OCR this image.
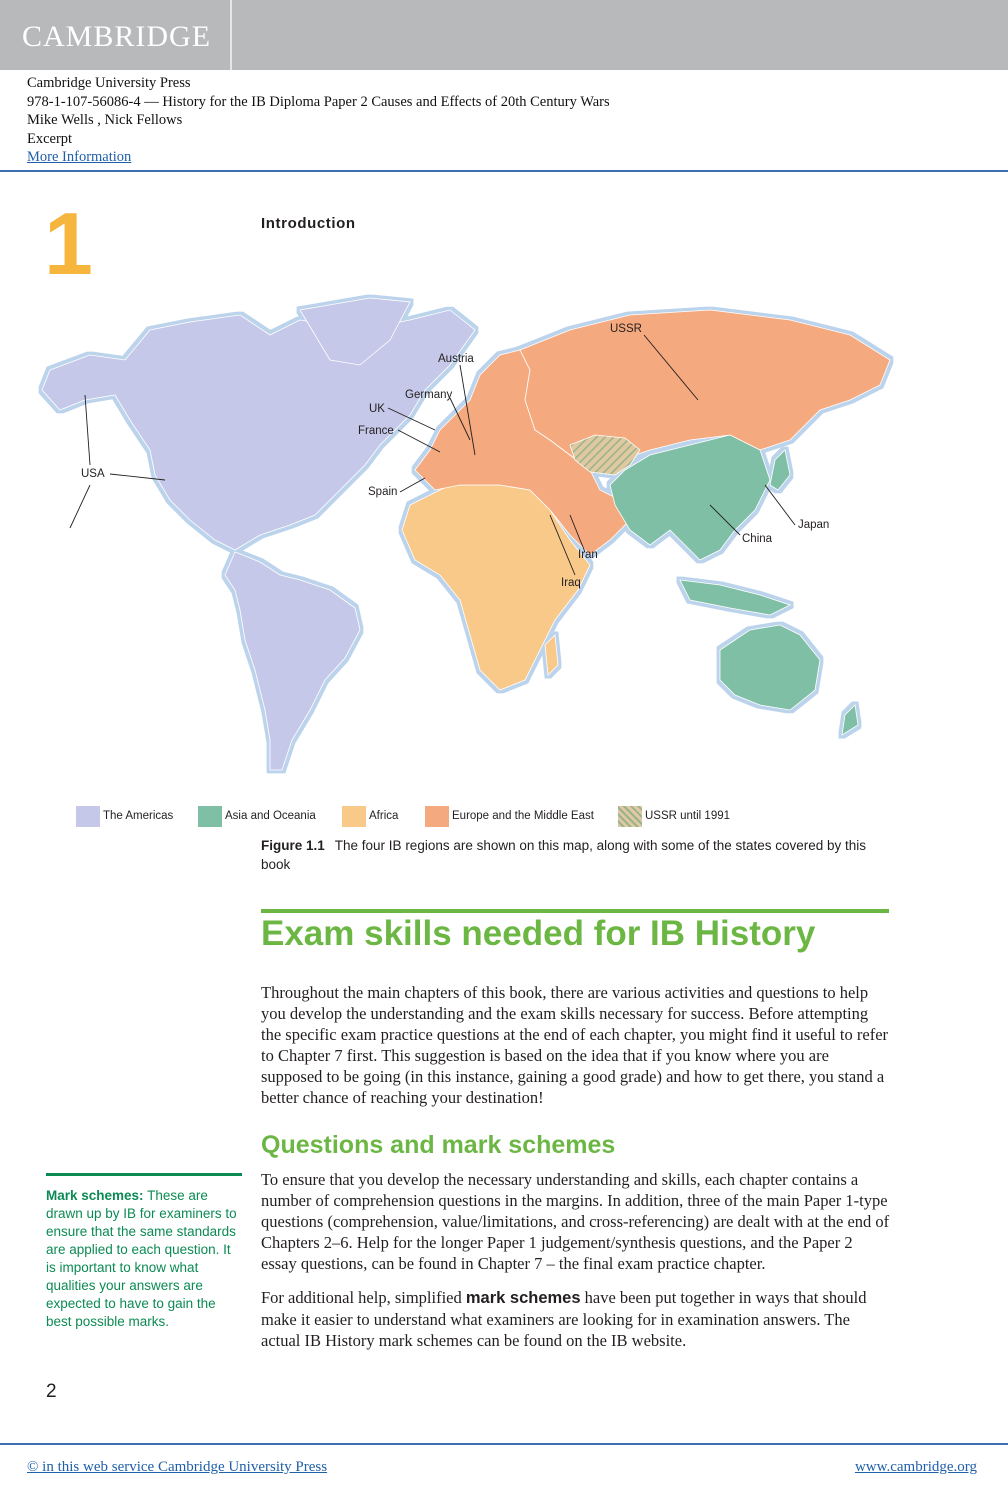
CAMBRIDGE
Cambridge University Press
978-1-107-56086-4 — History for the IB Diploma Paper 2 Causes and Effects of 20th Century Wars
Mike Wells , Nick Fellows
Excerpt
More Information
1	Introduction
USSR
Austria
Germany
UK
France
Spain
USA
Iran
Iraq
China
Japan
The Americas	Asia and Oceania	Africa	Europe and the Middle East	USSR until 1991
Figure 1.1 The four IB regions are shown on this map, along with some of the states covered by this book
Exam skills needed for IB History
Throughout the main chapters of this book, there are various activities and questions to help you develop the understanding and the exam skills necessary for success. Before attempting the specific exam practice questions at the end of each chapter, you might find it useful to refer to Chapter 7 first. This suggestion is based on the idea that if you know where you are supposed to be going (in this instance, gaining a good grade) and how to get there, you stand a better chance of reaching your destination!
Questions and mark schemes
To ensure that you develop the necessary understanding and skills, each chapter contains a number of comprehension questions in the margins. In addition, three of the main Paper 1-type questions (comprehension, value/limitations, and cross-referencing) are dealt with at the end of Chapters 2–6. Help for the longer Paper 1 judgement/synthesis questions, and the Paper 2 essay questions, can be found in Chapter 7 – the final exam practice chapter.
For additional help, simplified mark schemes have been put together in ways that should make it easier to understand what examiners are looking for in examination answers. The actual IB History mark schemes can be found on the IB website.
Mark schemes: These are drawn up by IB for examiners to ensure that the same standards are applied to each question. It is important to know what qualities your answers are expected to have to gain the best possible marks.
2
© in this web service Cambridge University Press	www.cambridge.org
